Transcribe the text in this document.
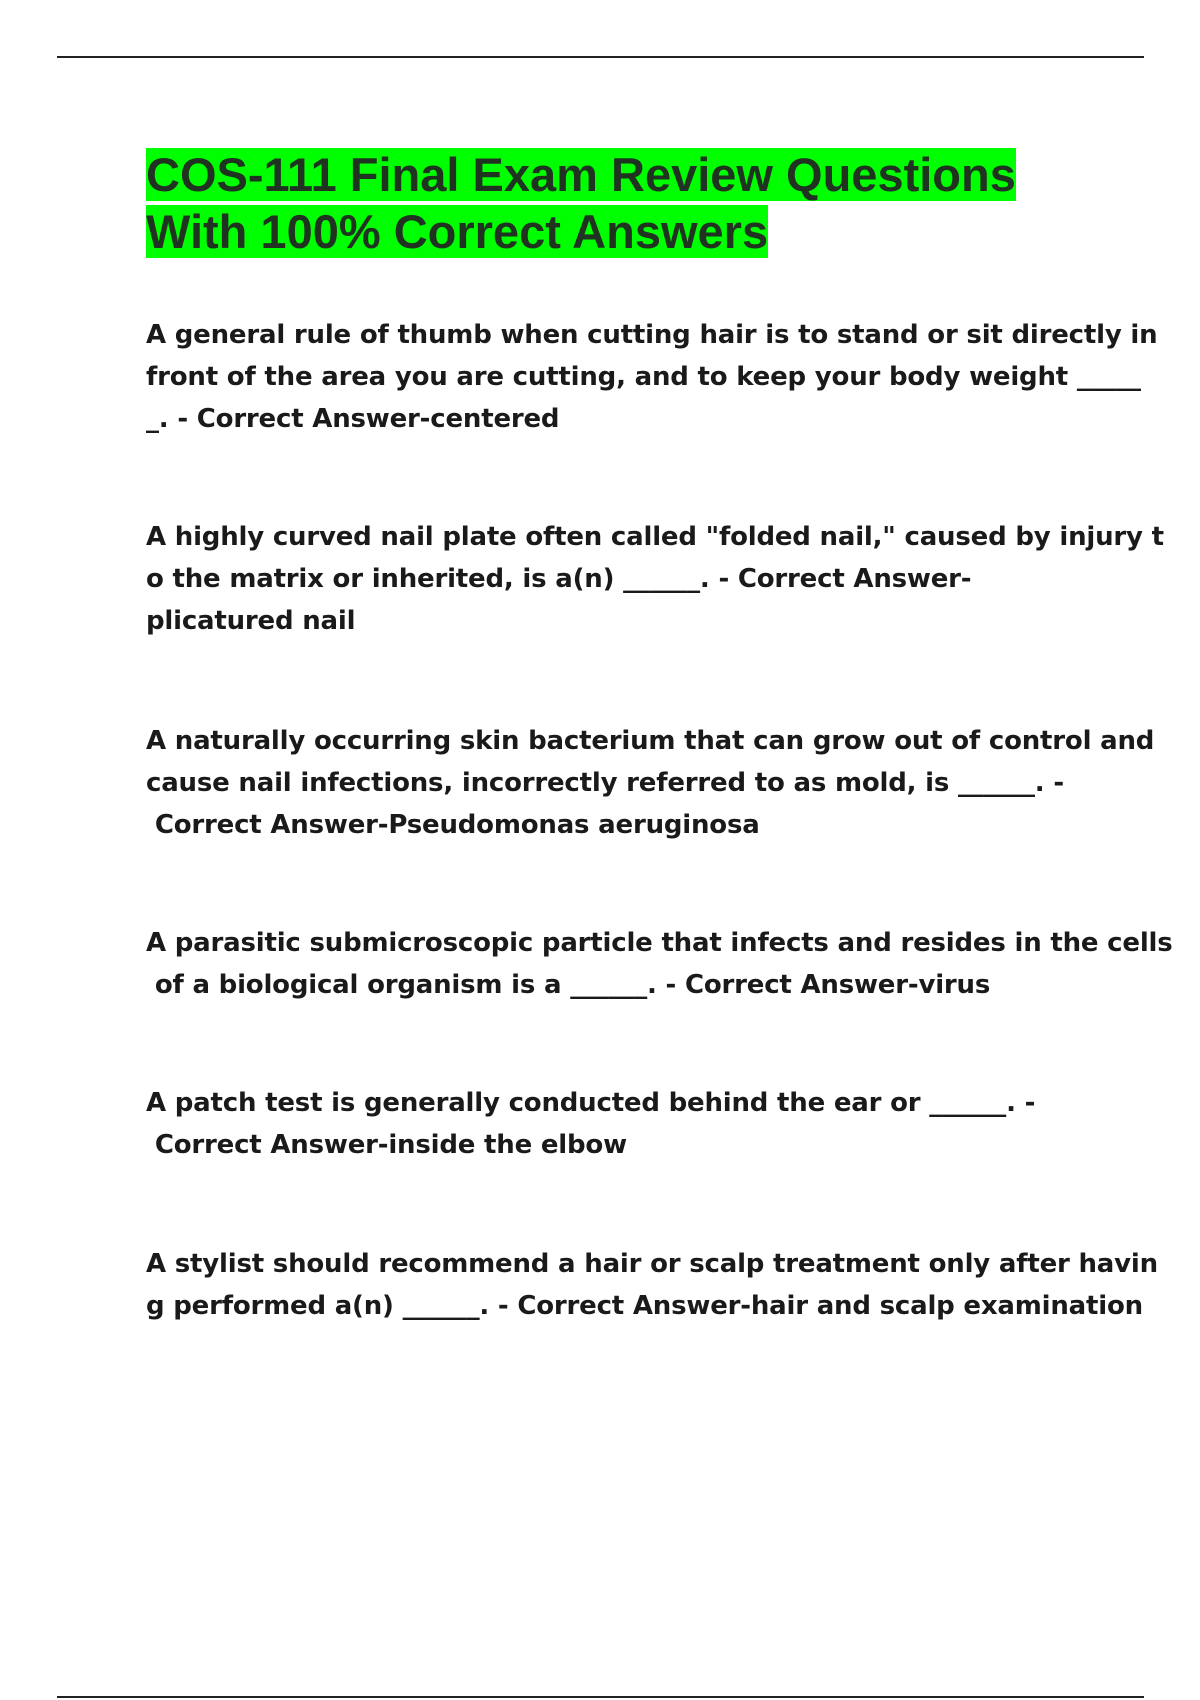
COS-111 Final Exam Review Questions
With 100% Correct Answers

A general rule of thumb when cutting hair is to stand or sit directly in
front of the area you are cutting, and to keep your body weight _____
_. - Correct Answer-centered

A highly curved nail plate often called "folded nail," caused by injury t
o the matrix or inherited, is a(n) ______. - Correct Answer-
plicatured nail

A naturally occurring skin bacterium that can grow out of control and
cause nail infections, incorrectly referred to as mold, is ______. -
Correct Answer-Pseudomonas aeruginosa

A parasitic submicroscopic particle that infects and resides in the cells
of a biological organism is a ______. - Correct Answer-virus

A patch test is generally conducted behind the ear or ______. -
Correct Answer-inside the elbow

A stylist should recommend a hair or scalp treatment only after havin
g performed a(n) ______. - Correct Answer-hair and scalp examination
